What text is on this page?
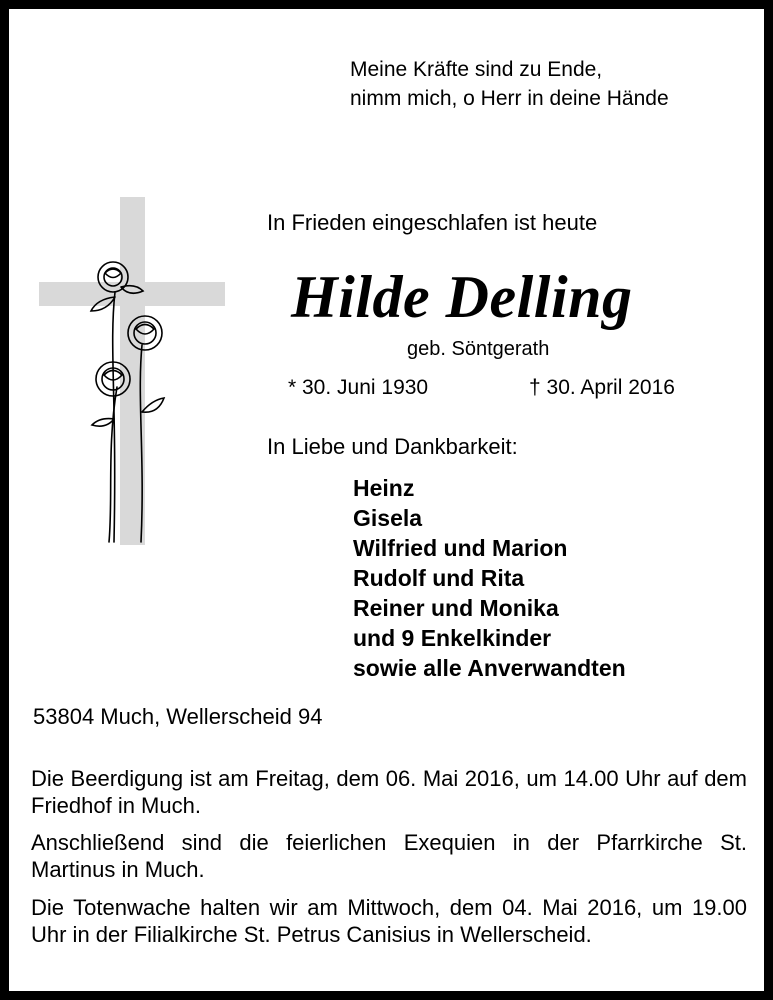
Meine Kräfte sind zu Ende,
nimm mich, o Herr in deine Hände
In Frieden eingeschlafen ist heute
Hilde Delling
geb. Söntgerath
* 30. Juni 1930	† 30. April 2016
In Liebe und Dankbarkeit:
Heinz
Gisela
Wilfried und Marion
Rudolf und Rita
Reiner und Monika
und 9 Enkelkinder
sowie alle Anverwandten
53804 Much, Wellerscheid 94

Die Beerdigung ist am Freitag, dem 06. Mai 2016, um 14.00 Uhr auf dem Friedhof in Much.

Anschließend sind die feierlichen Exequien in der Pfarrkirche St. Martinus in Much.

Die Totenwache halten wir am Mittwoch, dem 04. Mai 2016, um 19.00 Uhr in der Filialkirche St. Petrus Canisius in Wellerscheid.
